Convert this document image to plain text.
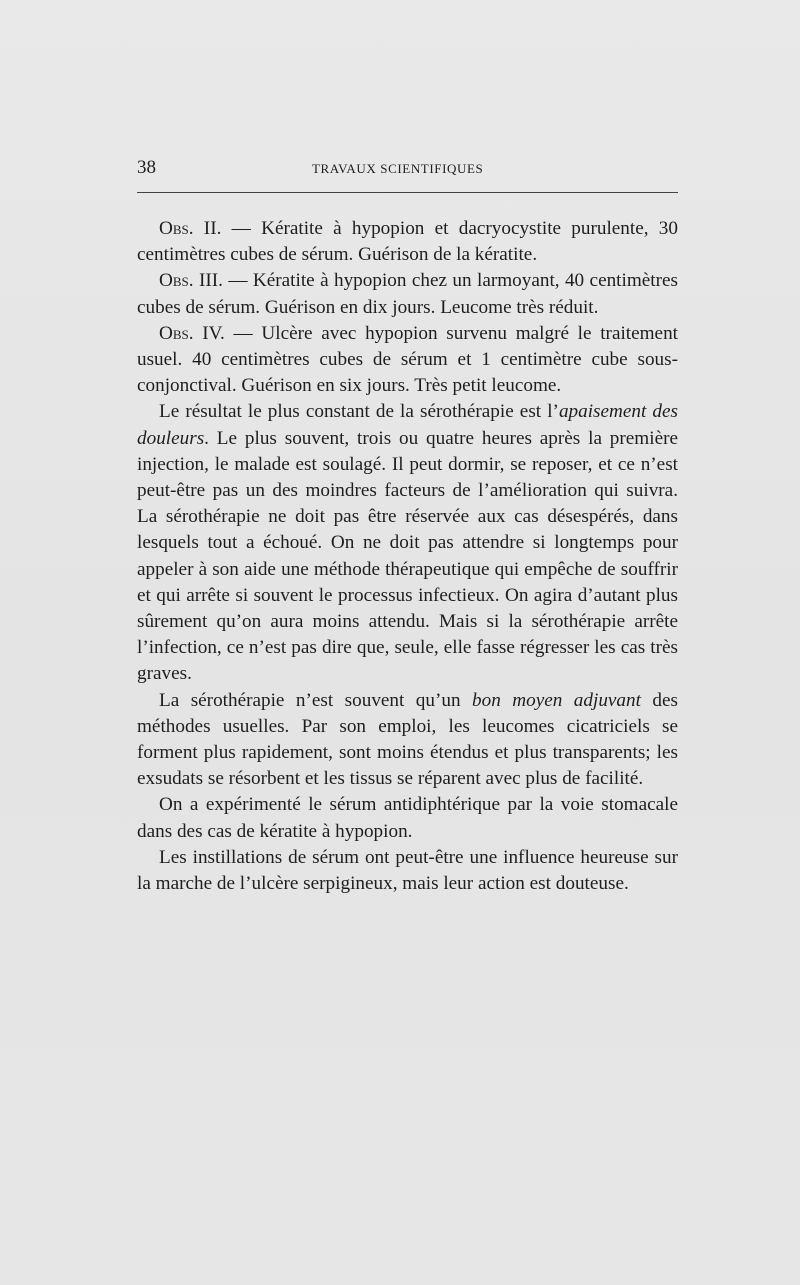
38	TRAVAUX SCIENTIFIQUES

Obs. II. — Kératite à hypopion et dacryocystite purulente, 30 centimètres cubes de sérum. Guérison de la kératite.

Obs. III. — Kératite à hypopion chez un larmoyant, 40 centimètres cubes de sérum. Guérison en dix jours. Leucome très réduit.

Obs. IV. — Ulcère avec hypopion survenu malgré le traitement usuel. 40 centimètres cubes de sérum et 1 centimètre cube sous-conjonctival. Guérison en six jours. Très petit leucome.

Le résultat le plus constant de la sérothérapie est l’apaisement des douleurs. Le plus souvent, trois ou quatre heures après la première injection, le malade est soulagé. Il peut dormir, se reposer, et ce n’est peut-être pas un des moindres facteurs de l’amélioration qui suivra. La sérothérapie ne doit pas être réservée aux cas désespérés, dans lesquels tout a échoué. On ne doit pas attendre si longtemps pour appeler à son aide une méthode thérapeutique qui empêche de souffrir et qui arrête si souvent le processus infectieux. On agira d’autant plus sûrement qu’on aura moins attendu. Mais si la sérothérapie arrête l’infection, ce n’est pas dire que, seule, elle fasse régresser les cas très graves.

La sérothérapie n’est souvent qu’un bon moyen adjuvant des méthodes usuelles. Par son emploi, les leucomes cicatriciels se forment plus rapidement, sont moins étendus et plus transparents; les exsudats se résorbent et les tissus se réparent avec plus de facilité.

On a expérimenté le sérum antidiphtérique par la voie stomacale dans des cas de kératite à hypopion.

Les instillations de sérum ont peut-être une influence heureuse sur la marche de l’ulcère serpigineux, mais leur action est douteuse.
